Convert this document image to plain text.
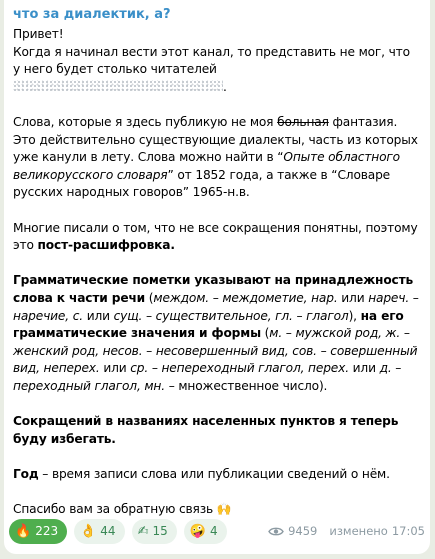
что за диалектик, а?

Привет!

Когда я начинал вести этот канал, то представить не мог, что у него будет столько читателей .

Слова, которые я здесь публикую не моя больная фантазия. Это действительно существующие диалекты, часть из которых уже канули в лету. Слова можно найти в “Опыте областного великорусского словаря” от 1852 года, а также в “Словаре русских народных говоров” 1965-н.в.

Многие писали о том, что не все сокращения понятны, поэтому это пост-расшифровка.

Грамматические пометки указывают на принадлежность слова к части речи (междом. – междометие, нар. или нареч. – наречие, с. или сущ. – существительное, гл. – глагол), на его грамматические значения и формы (м. – мужской род, ж. – женский род, несов. – несовершенный вид, сов. – совершенный вид, неперех. или ср. – непереходный глагол, перех. или д. – переходный глагол, мн. – множественное число).

Сокращений в названиях населенных пунктов я теперь буду избегать.

Год – время записи слова или публикации сведений о нём.

Спасибо вам за обратную связь 🙌

🔥 223 👌 44 ✍ 15 🤪 4	9459 изменено 17:05
